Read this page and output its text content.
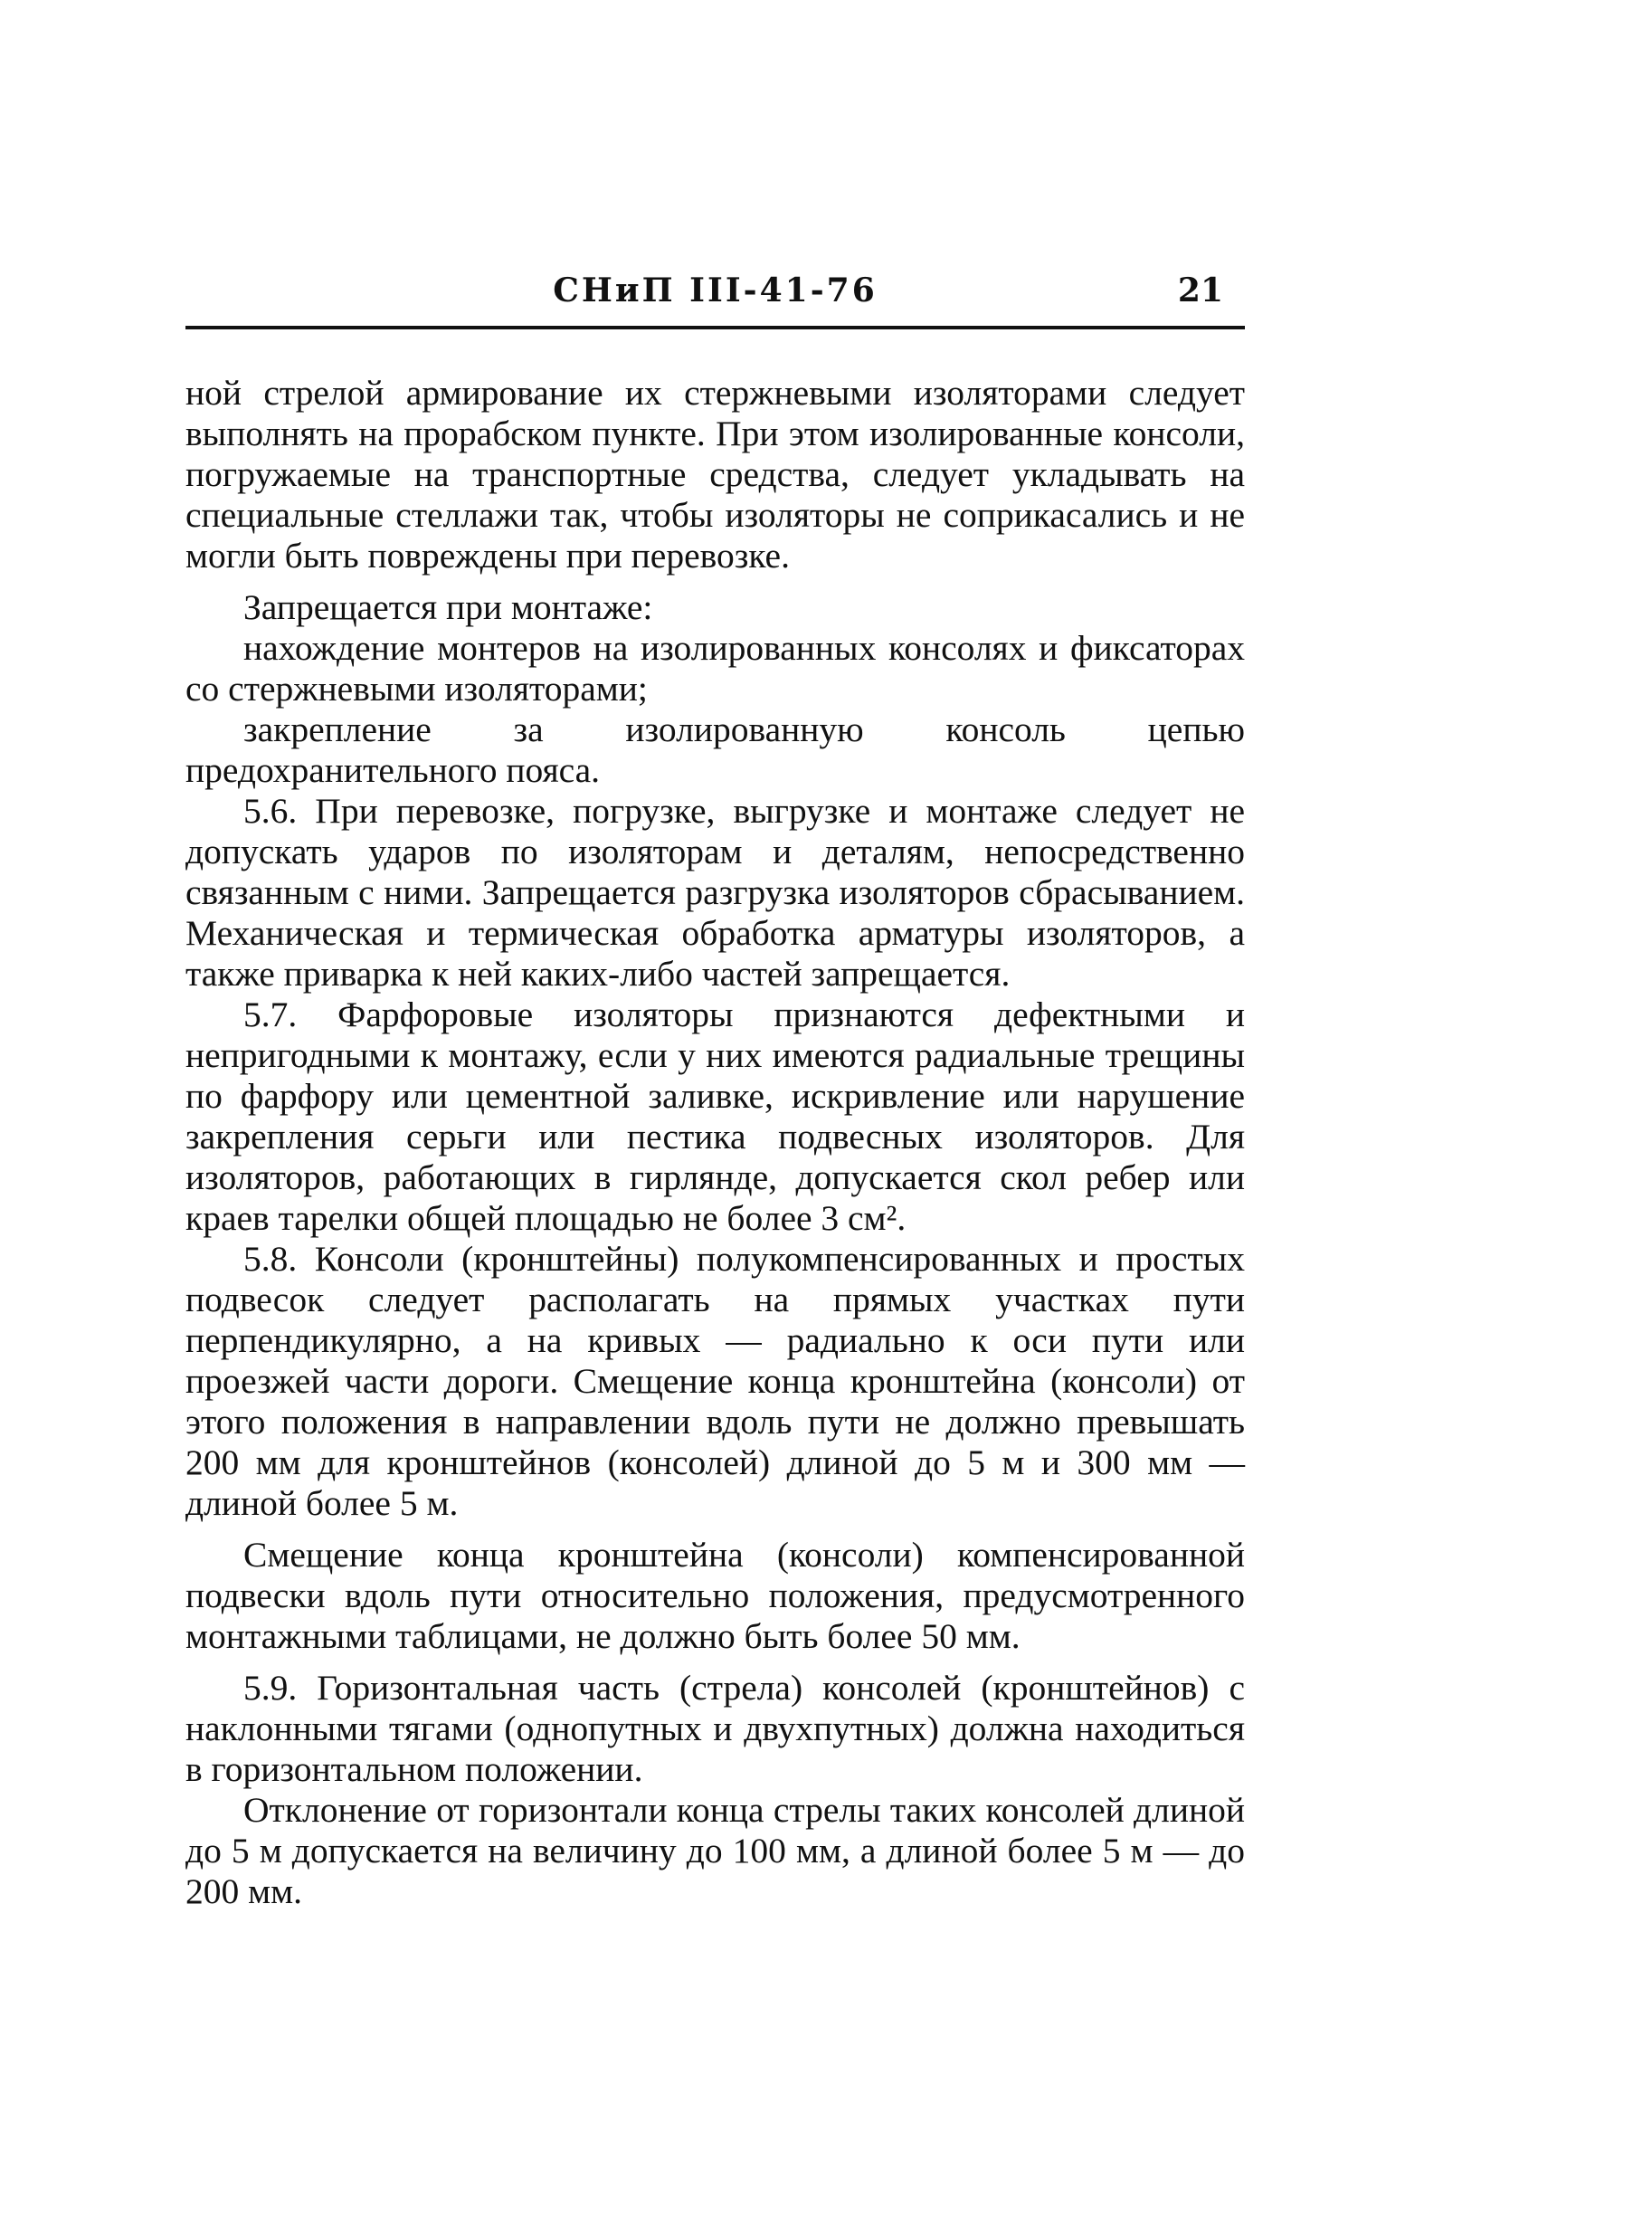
СНиП III-41-76	21

ной стрелой армирование их стержневыми изоляторами следует выполнять на прорабском пункте. При этом изолированные консоли, погружаемые на транспортные средства, следует укладывать на специальные стеллажи так, чтобы изоляторы не соприкасались и не могли быть повреждены при перевозке.

Запрещается при монтаже:

нахождение монтеров на изолированных консолях и фиксаторах со стержневыми изоляторами;

закрепление за изолированную консоль цепью предохранительного пояса.

5.6. При перевозке, погрузке, выгрузке и монтаже следует не допускать ударов по изоляторам и деталям, непосредственно связанным с ними. Запрещается разгрузка изоляторов сбрасыванием. Механическая и термическая обработка арматуры изоляторов, а также приварка к ней каких-либо частей запрещается.

5.7. Фарфоровые изоляторы признаются дефектными и непригодными к монтажу, если у них имеются радиальные трещины по фарфору или цементной заливке, искривление или нарушение закрепления серьги или пестика подвесных изоляторов. Для изоляторов, работающих в гирлянде, допускается скол ребер или краев тарелки общей площадью не более 3 см².

5.8. Консоли (кронштейны) полукомпенсированных и простых подвесок следует располагать на прямых участках пути перпендикулярно, а на кривых — радиально к оси пути или проезжей части дороги. Смещение конца кронштейна (консоли) от этого положения в направлении вдоль пути не должно превышать 200 мм для кронштейнов (консолей) длиной до 5 м и 300 мм — длиной более 5 м.

Смещение конца кронштейна (консоли) компенсированной подвески вдоль пути относительно положения, предусмотренного монтажными таблицами, не должно быть более 50 мм.

5.9. Горизонтальная часть (стрела) консолей (кронштейнов) с наклонными тягами (однопутных и двухпутных) должна находиться в горизонтальном положении.

Отклонение от горизонтали конца стрелы таких консолей длиной до 5 м допускается на величину до 100 мм, а длиной более 5 м — до 200 мм.
